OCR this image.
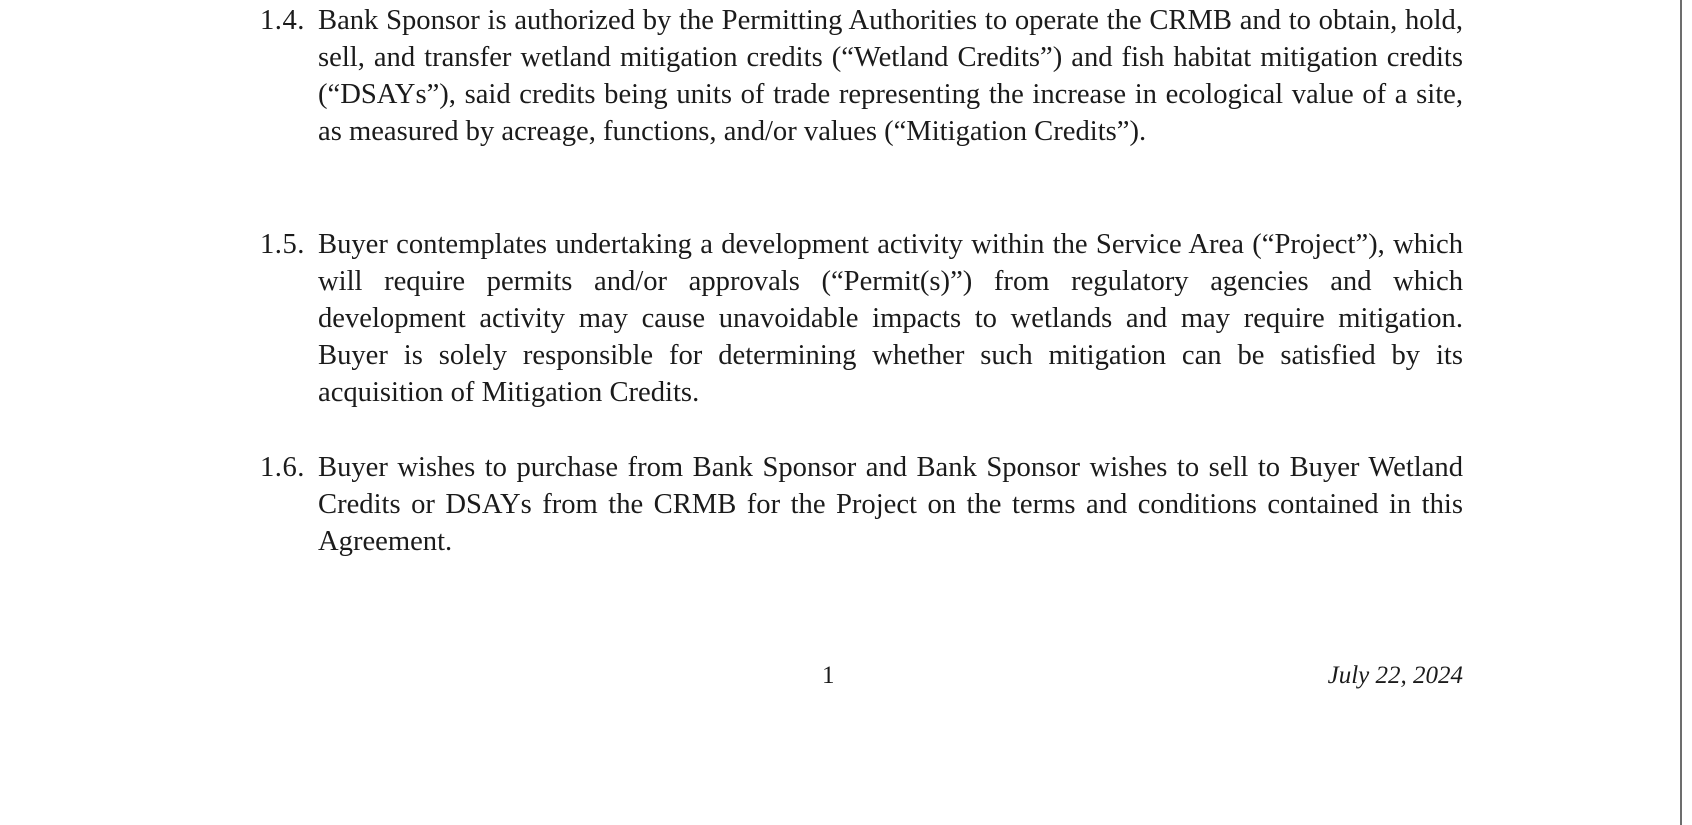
1.4. Bank Sponsor is authorized by the Permitting Authorities to operate the CRMB and to obtain, hold, sell, and transfer wetland mitigation credits (“Wetland Credits”) and fish habitat mitigation credits (“DSAYs”), said credits being units of trade representing the increase in ecological value of a site, as measured by acreage, functions, and/or values (“Mitigation Credits”).
1.5. Buyer contemplates undertaking a development activity within the Service Area (“Project”), which will require permits and/or approvals (“Permit(s)”) from regulatory agencies and which development activity may cause unavoidable impacts to wetlands and may require mitigation. Buyer is solely responsible for determining whether such mitigation can be satisfied by its acquisition of Mitigation Credits.
1.6. Buyer wishes to purchase from Bank Sponsor and Bank Sponsor wishes to sell to Buyer Wetland Credits or DSAYs from the CRMB for the Project on the terms and conditions contained in this Agreement.
1	July 22, 2024
